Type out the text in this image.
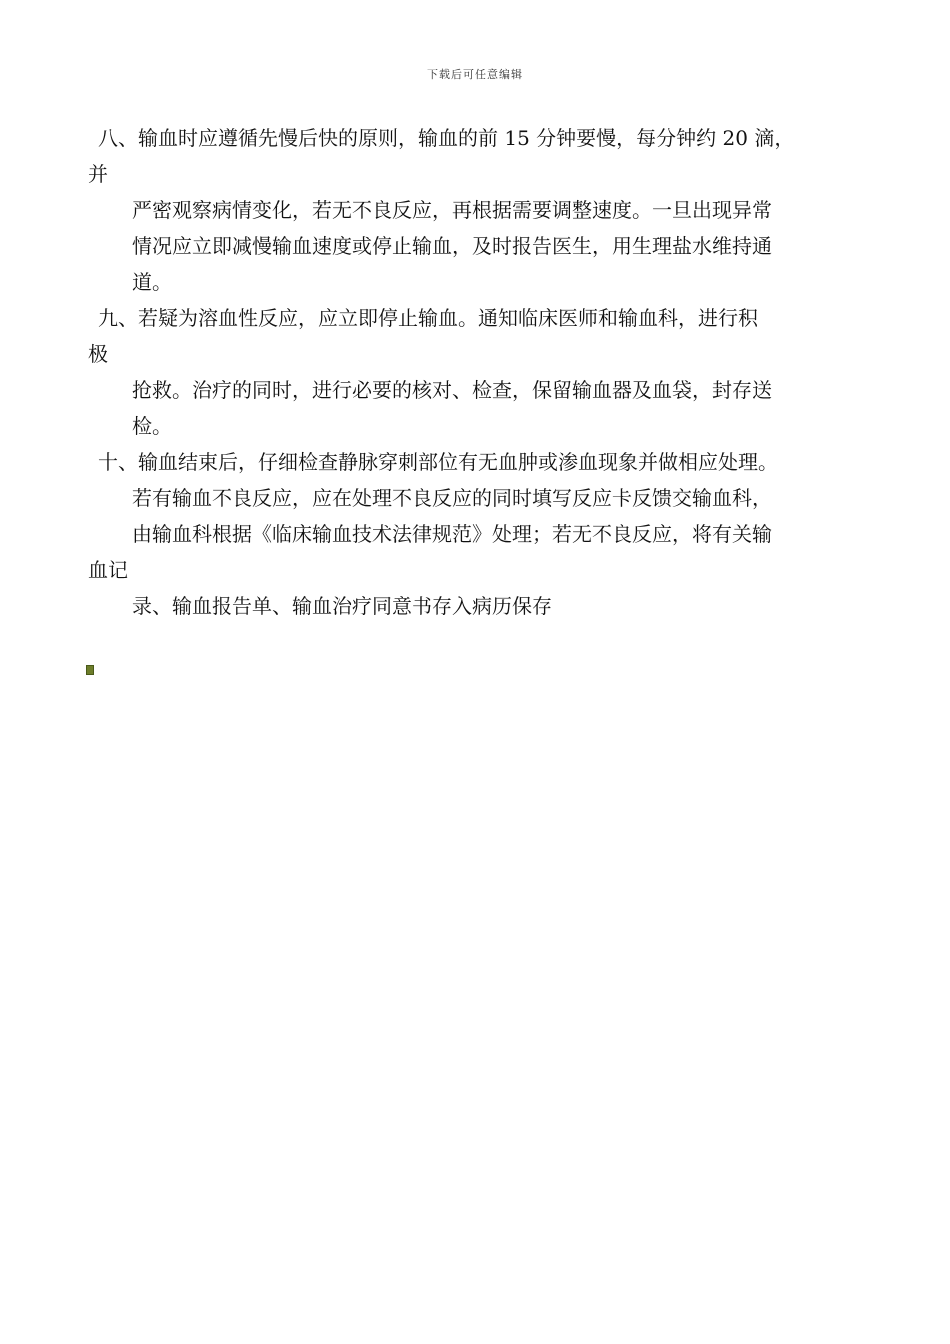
下载后可任意编辑
八、输血时应遵循先慢后快的原则，输血的前 15 分钟要慢，每分钟约 20 滴，
并
严密观察病情变化，若无不良反应，再根据需要调整速度。一旦出现异常
情况应立即减慢输血速度或停止输血，及时报告医生，用生理盐水维持通
道。
九、若疑为溶血性反应，应立即停止输血。通知临床医师和输血科，进行积
极
抢救。治疗的同时，进行必要的核对、检查，保留输血器及血袋，封存送
检。
十、输血结束后，仔细检查静脉穿刺部位有无血肿或渗血现象并做相应处理。
若有输血不良反应，应在处理不良反应的同时填写反应卡反馈交输血科，
由输血科根据《临床输血技术法律规范》处理；若无不良反应，将有关输
血记
录、输血报告单、输血治疗同意书存入病历保存
